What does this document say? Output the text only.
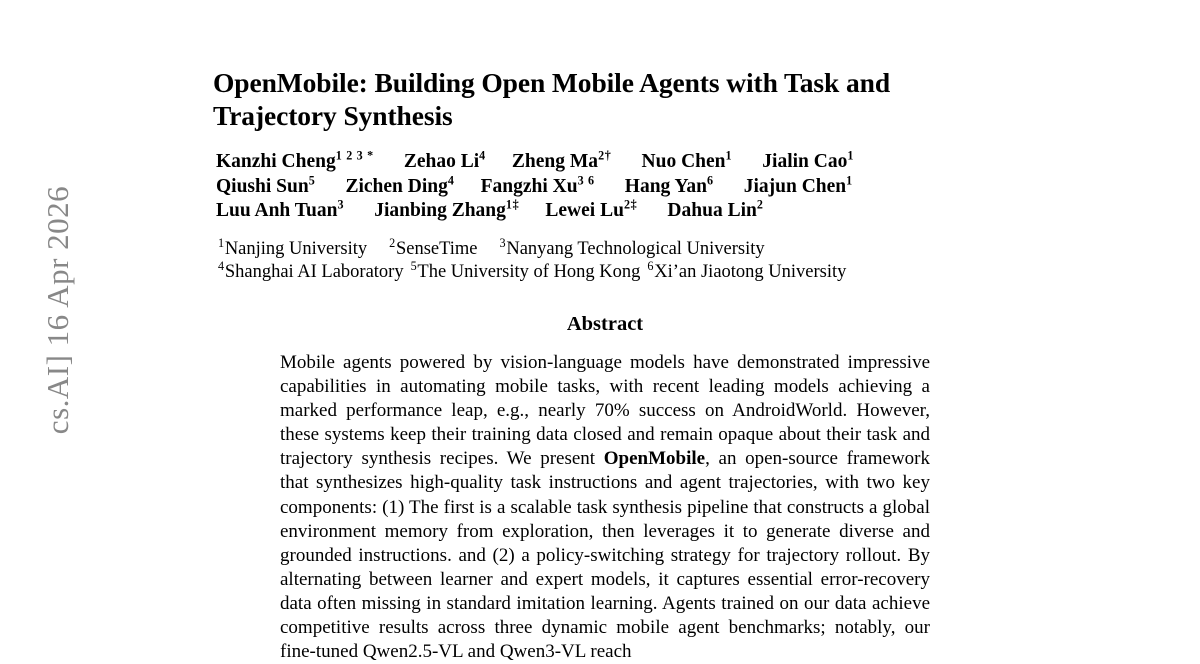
cs.AI] 16 Apr 2026
OpenMobile: Building Open Mobile Agents with Task and Trajectory Synthesis
Kanzhi Cheng$^{1 2 3 *}$ Zehao Li$^4$ Zheng $Ma^{2\dagger}$ Nuo Chen$^1$ Jialin Cao$^1$
Qiushi Sun$^5$ Zichen Ding$^4$ Fangzhi $Xu^{3 6}$ Hang Yan$^6$ Jiajun Chen$^1$
Luu Anh Tuan$^3$ Jianbing Zhang$^{1\ddagger}$ Lewei $Lu^{2\ddagger}$ Dahua Lin$^2$
$^1$Nanjing University $^2$SenseTime $^3$Nanyang Technological University
$^4$Shanghai AI Laboratory $^5$The University of Hong Kong $^6$Xi’an Jiaotong University
Abstract
Mobile agents powered by vision-language models have demonstrated impressive capabilities in automating mobile tasks, with recent leading models achieving a marked performance leap, e.g., nearly 70% success on AndroidWorld. However, these systems keep their training data closed and remain opaque about their task and trajectory synthesis recipes. We present OpenMobile, an open-source framework that synthesizes high-quality task instructions and agent trajectories, with two key components: (1) The first is a scalable task synthesis pipeline that constructs a global environment memory from exploration, then leverages it to generate diverse and grounded instructions. and (2) a policy-switching strategy for trajectory rollout. By alternating between learner and expert models, it captures essential error-recovery data often missing in standard imitation learning. Agents trained on our data achieve competitive results across three dynamic mobile agent benchmarks; notably, our fine-tuned Qwen2.5-VL and Qwen3-VL reach
